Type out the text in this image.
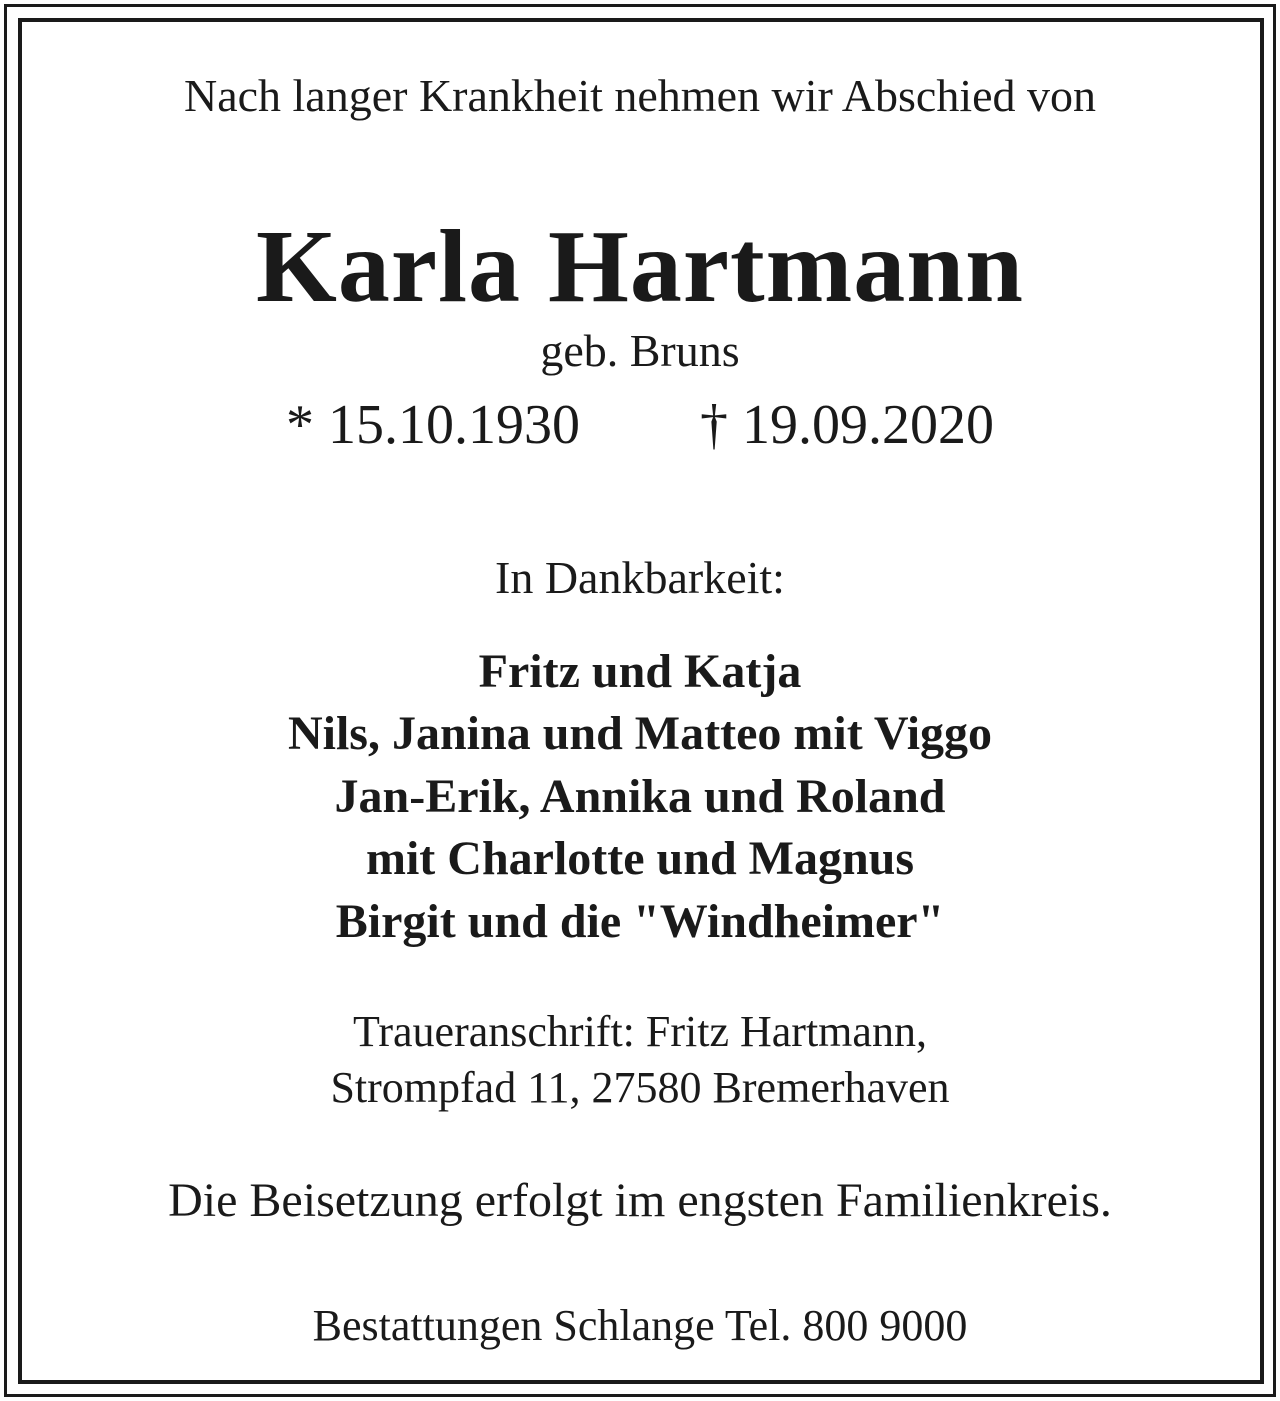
Nach langer Krankheit nehmen wir Abschied von
Karla Hartmann
geb. Bruns
* 15.10.1930 † 19.09.2020
In Dankbarkeit:
Fritz und Katja
Nils, Janina und Matteo mit Viggo
Jan-Erik, Annika und Roland
mit Charlotte und Magnus
Birgit und die "Windheimer"
Traueranschrift: Fritz Hartmann,
Strompfad 11, 27580 Bremerhaven
Die Beisetzung erfolgt im engsten Familienkreis.
Bestattungen Schlange Tel. 800 9000
